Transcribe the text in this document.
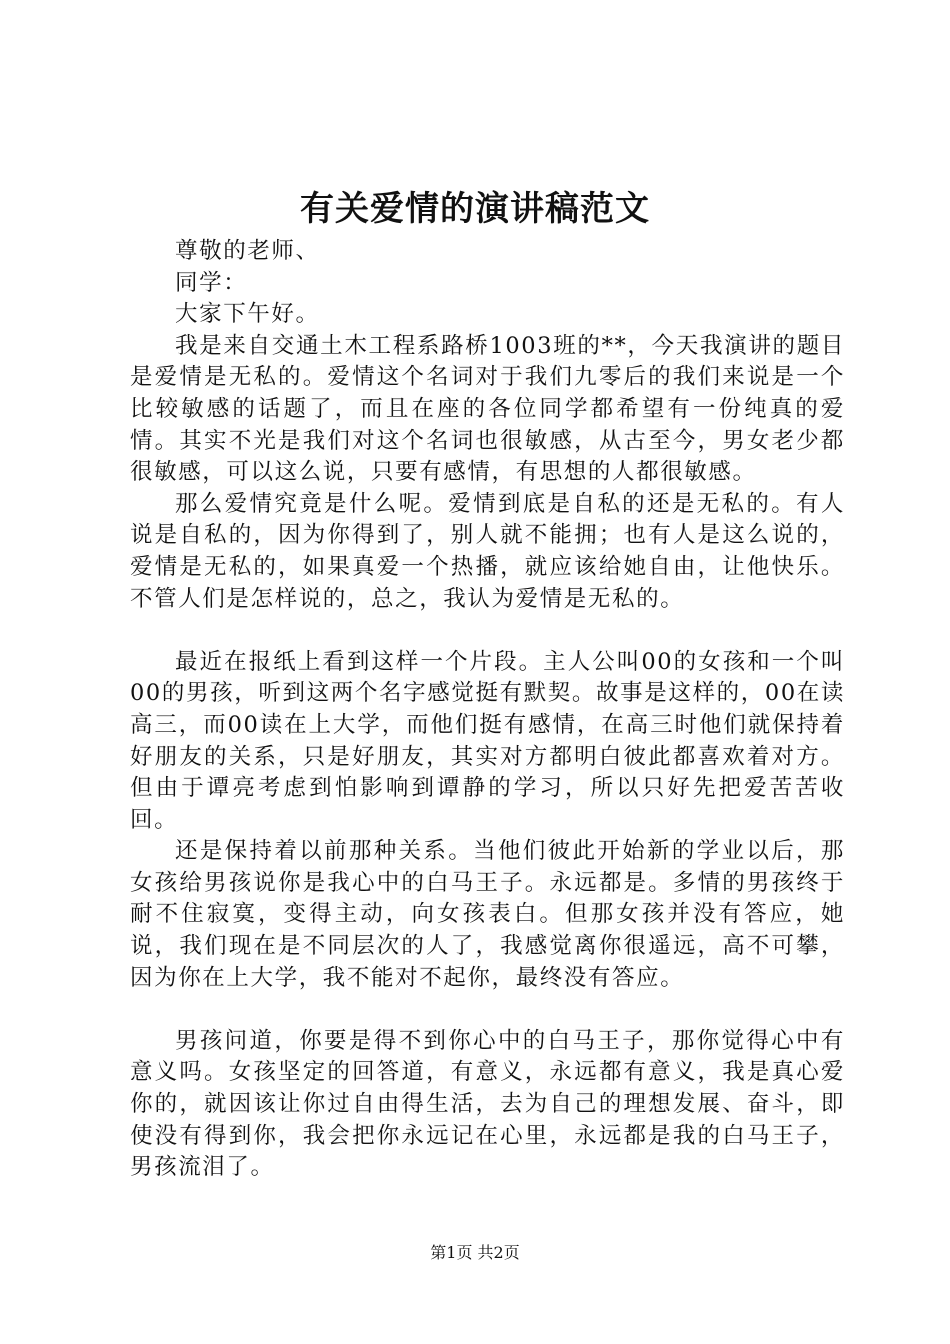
有关爱情的演讲稿范文

尊敬的老师、

同学：

大家下午好。

我是来自交通土木工程系路桥1003班的**，今天我演讲的题目是爱情是无私的。爱情这个名词对于我们九零后的我们来说是一个比较敏感的话题了，而且在座的各位同学都希望有一份纯真的爱情。其实不光是我们对这个名词也很敏感，从古至今，男女老少都很敏感，可以这么说，只要有感情，有思想的人都很敏感。

那么爱情究竟是什么呢。爱情到底是自私的还是无私的。有人说是自私的，因为你得到了，别人就不能拥；也有人是这么说的，爱情是无私的，如果真爱一个热播，就应该给她自由，让他快乐。不管人们是怎样说的，总之，我认为爱情是无私的。

最近在报纸上看到这样一个片段。主人公叫00的女孩和一个叫00的男孩，听到这两个名字感觉挺有默契。故事是这样的，00在读高三，而00读在上大学，而他们挺有感情，在高三时他们就保持着好朋友的关系，只是好朋友，其实对方都明白彼此都喜欢着对方。但由于谭亮考虑到怕影响到谭静的学习，所以只好先把爱苦苦收回。

还是保持着以前那种关系。当他们彼此开始新的学业以后，那女孩给男孩说你是我心中的白马王子。永远都是。多情的男孩终于耐不住寂寞，变得主动，向女孩表白。但那女孩并没有答应，她说，我们现在是不同层次的人了，我感觉离你很遥远，高不可攀，因为你在上大学，我不能对不起你，最终没有答应。

男孩问道，你要是得不到你心中的白马王子，那你觉得心中有意义吗。女孩坚定的回答道，有意义，永远都有意义，我是真心爱你的，就因该让你过自由得生活，去为自己的理想发展、奋斗，即使没有得到你，我会把你永远记在心里，永远都是我的白马王子，男孩流泪了。

第1页 共2页
